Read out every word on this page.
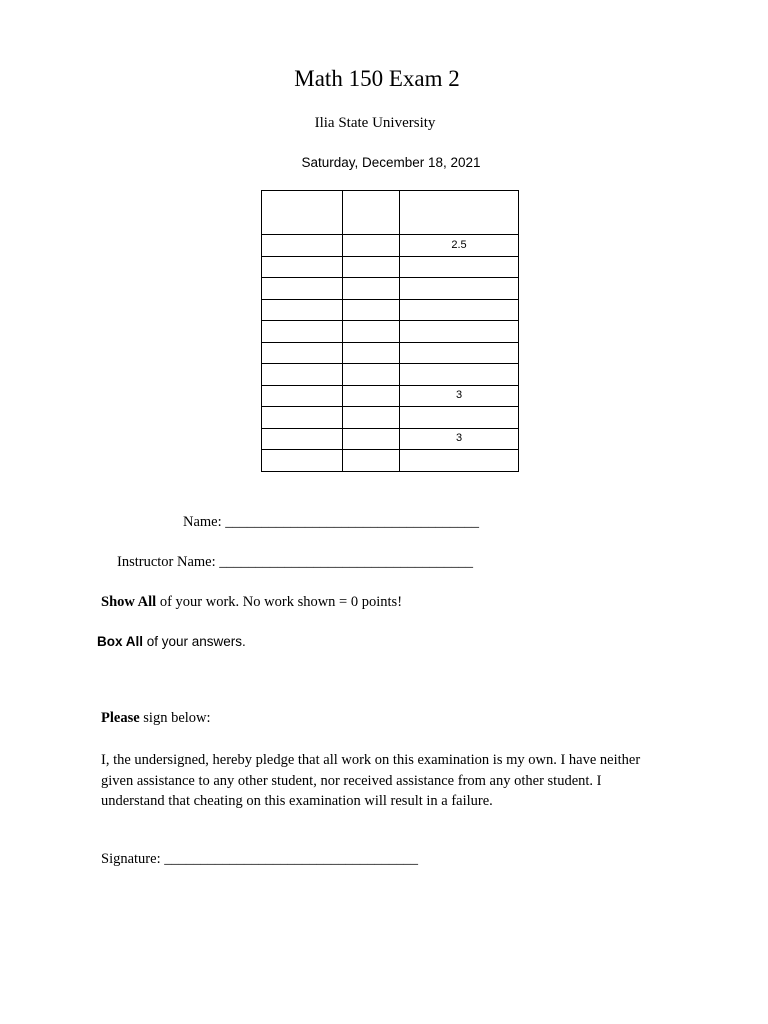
Math 150 Exam 2
Ilia State University
Saturday, December 18, 2021

		2.5

		3

		3

Name: ___________________________________
Instructor Name: ___________________________________
Show All of your work. No work shown = 0 points!
Box All of your answers.
Please sign below:
I, the undersigned, hereby pledge that all work on this examination is my own. I have neither given assistance to any other student, nor received assistance from any other student. I understand that cheating on this examination will result in a failure.
Signature: ___________________________________
